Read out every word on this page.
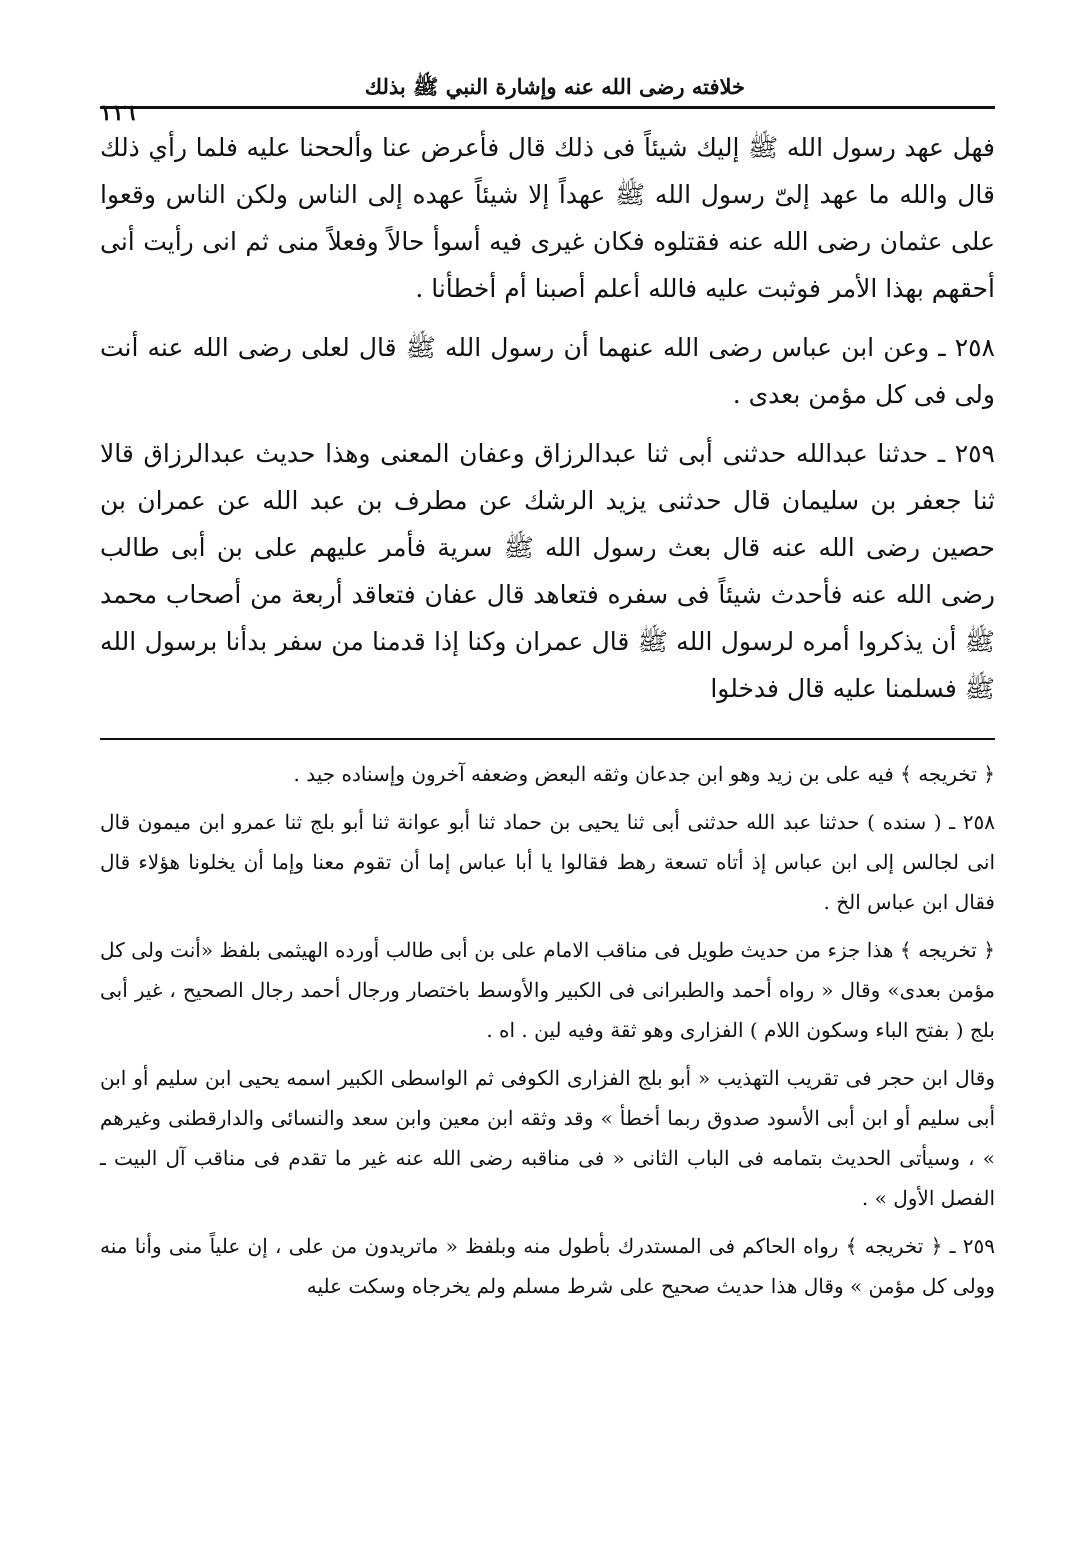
خلافته رضى الله عنه وإشارة النبي ﷺ بذلك
١١٦

فهل عهد رسول الله ﷺ إليك شيئاً فى ذلك قال فأعرض عنا وألححنا عليه فلما رأي ذلك قال والله ما عهد إلىّ رسول الله ﷺ عهداً إلا شيئاً عهده إلى الناس ولكن الناس وقعوا على عثمان رضى الله عنه فقتلوه فكان غيرى فيه أسوأ حالاً وفعلاً منى ثم انى رأيت أنى أحقهم بهذا الأمر فوثبت عليه فالله أعلم أصبنا أم أخطأنا .

٢٥٨ ـ وعن ابن عباس رضى الله عنهما أن رسول الله ﷺ قال لعلى رضى الله عنه أنت ولى فى كل مؤمن بعدى .

٢٥٩ ـ حدثنا عبدالله حدثنى أبى ثنا عبدالرزاق وعفان المعنى وهذا حديث عبدالرزاق قالا ثنا جعفر بن سليمان قال حدثنى يزيد الرشك عن مطرف بن عبد الله عن عمران بن حصين رضى الله عنه قال بعث رسول الله ﷺ سرية فأمر عليهم على بن أبى طالب رضى الله عنه فأحدث شيئاً فى سفره فتعاهد قال عفان فتعاقد أربعة من أصحاب محمد ﷺ أن يذكروا أمره لرسول الله ﷺ قال عمران وكنا إذا قدمنا من سفر بدأنا برسول الله ﷺ فسلمنا عليه قال فدخلوا

﴿ تخريجه ﴾ فيه على بن زيد وهو ابن جدعان وثقه البعض وضعفه آخرون وإسناده جيد .

٢٥٨ ـ ( سنده ) حدثنا عبد الله حدثنى أبى ثنا يحيى بن حماد ثنا أبو عوانة ثنا أبو بلج ثنا عمرو ابن ميمون قال انى لجالس إلى ابن عباس إذ أتاه تسعة رهط فقالوا يا أبا عباس إما أن تقوم معنا وإما أن يخلونا هؤلاء قال فقال ابن عباس الخ .

﴿ تخريجه ﴾ هذا جزء من حديث طويل فى مناقب الامام على بن أبى طالب أورده الهيثمى بلفظ «أنت ولى كل مؤمن بعدى» وقال « رواه أحمد والطبرانى فى الكبير والأوسط باختصار ورجال أحمد رجال الصحيح ، غير أبى بلج ( بفتح الباء وسكون اللام ) الفزارى وهو ثقة وفيه لين . اه .

وقال ابن حجر فى تقريب التهذيب « أبو بلج الفزارى الكوفى ثم الواسطى الكبير اسمه يحيى ابن سليم أو ابن أبى سليم أو ابن أبى الأسود صدوق ربما أخطأ » وقد وثقه ابن معين وابن سعد والنسائى والدارقطنى وغيرهم » ، وسيأتى الحديث بتمامه فى الباب الثانى « فى مناقبه رضى الله عنه غير ما تقدم فى مناقب آل البيت ـ الفصل الأول » .

٢٥٩ ـ ﴿ تخريجه ﴾ رواه الحاكم فى المستدرك بأطول منه وبلفظ « ماتريدون من على ، إن علياً منى وأنا منه وولى كل مؤمن » وقال هذا حديث صحيح على شرط مسلم ولم يخرجاه وسكت عليه
